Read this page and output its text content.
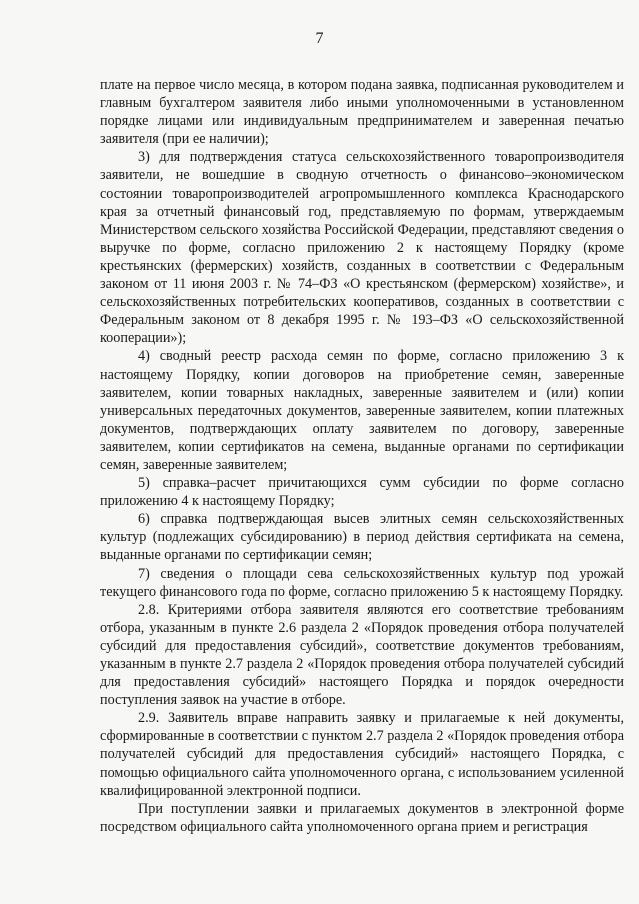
7

плате на первое число месяца, в котором подана заявка, подписанная руководителем и главным бухгалтером заявителя либо иными уполномоченными в установленном порядке лицами или индивидуальным предпринимателем и заверенная печатью заявителя (при ее наличии);

3) для подтверждения статуса сельскохозяйственного товаропроизводителя заявители, не вошедшие в сводную отчетность о финансово–экономическом состоянии товаропроизводителей агропромышленного комплекса Краснодарского края за отчетный финансовый год, представляемую по формам, утверждаемым Министерством сельского хозяйства Российской Федерации, представляют сведения о выручке по форме, согласно приложению 2 к настоящему Порядку (кроме крестьянских (фермерских) хозяйств, созданных в соответствии с Федеральным законом от 11 июня 2003 г. № 74–ФЗ «О крестьянском (фермерском) хозяйстве», и сельскохозяйственных потребительских кооперативов, созданных в соответствии с Федеральным законом от 8 декабря 1995 г. № 193–ФЗ «О сельскохозяйственной кооперации»);

4) сводный реестр расхода семян по форме, согласно приложению 3 к настоящему Порядку, копии договоров на приобретение семян, заверенные заявителем, копии товарных накладных, заверенные заявителем и (или) копии универсальных передаточных документов, заверенные заявителем, копии платежных документов, подтверждающих оплату заявителем по договору, заверенные заявителем, копии сертификатов на семена, выданные органами по сертификации семян, заверенные заявителем;

5) справка–расчет причитающихся сумм субсидии по форме согласно приложению 4 к настоящему Порядку;

6) справка подтверждающая высев элитных семян сельскохозяйственных культур (подлежащих субсидированию) в период действия сертификата на семена, выданные органами по сертификации семян;

7) сведения о площади сева сельскохозяйственных культур под урожай текущего финансового года по форме, согласно приложению 5 к настоящему Порядку.

2.8. Критериями отбора заявителя являются его соответствие требованиям отбора, указанным в пункте 2.6 раздела 2 «Порядок проведения отбора получателей субсидий для предоставления субсидий», соответствие документов требованиям, указанным в пункте 2.7 раздела 2 «Порядок проведения отбора получателей субсидий для предоставления субсидий» настоящего Порядка и порядок очередности поступления заявок на участие в отборе.

2.9. Заявитель вправе направить заявку и прилагаемые к ней документы, сформированные в соответствии с пунктом 2.7 раздела 2 «Порядок проведения отбора получателей субсидий для предоставления субсидий» настоящего Порядка, с помощью официального сайта уполномоченного органа, с использованием усиленной квалифицированной электронной подписи.

При поступлении заявки и прилагаемых документов в электронной форме посредством официального сайта уполномоченного органа прием и регистрация
